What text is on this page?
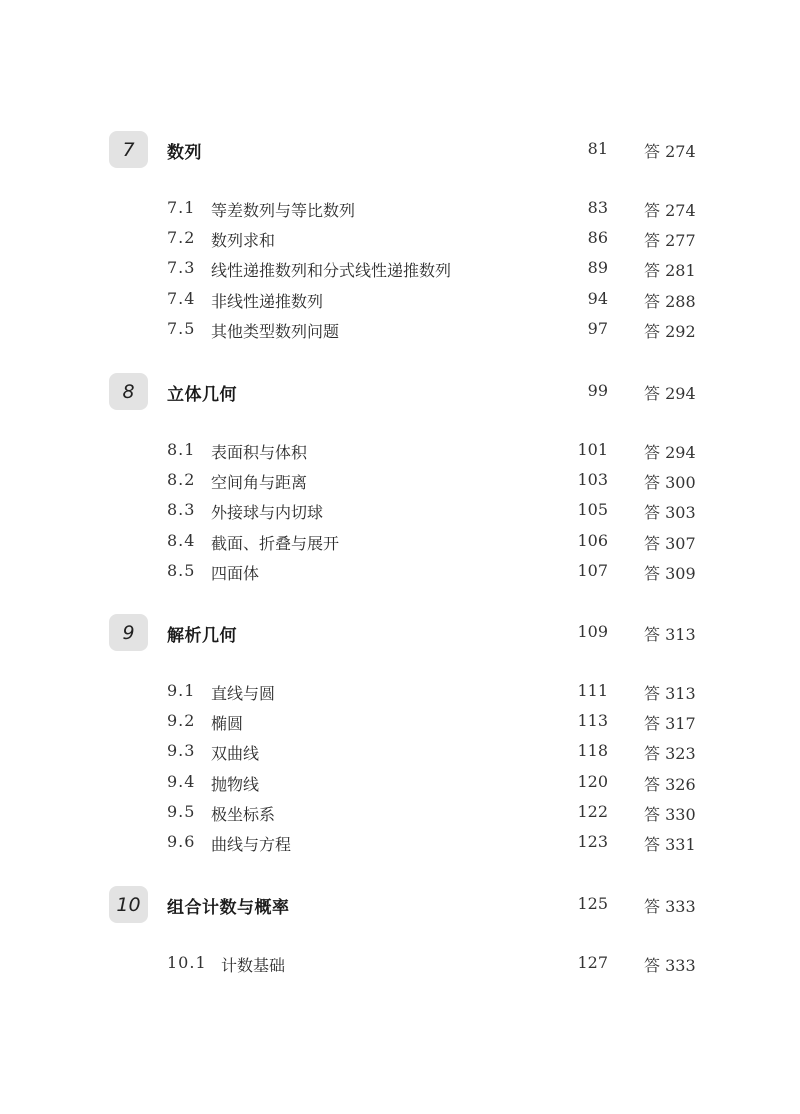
7	数列	81 答 274
7.1 等差数列与等比数列	83 答 274
7.2 数列求和	86 答 277
7.3 线性递推数列和分式线性递推数列	89 答 281
7.4 非线性递推数列	94 答 288
7.5 其他类型数列问题	97 答 292
8	立体几何	99 答 294
8.1 表面积与体积	101 答 294
8.2 空间角与距离	103 答 300
8.3 外接球与内切球	105 答 303
8.4 截面、折叠与展开	106 答 307
8.5 四面体	107 答 309
9	解析几何	109 答 313
9.1 直线与圆	111 答 313
9.2 椭圆	113 答 317
9.3 双曲线	118 答 323
9.4 抛物线	120 答 326
9.5 极坐标系	122 答 330
9.6 曲线与方程	123 答 331
10	组合计数与概率	125 答 333
10.1 计数基础	127 答 333
